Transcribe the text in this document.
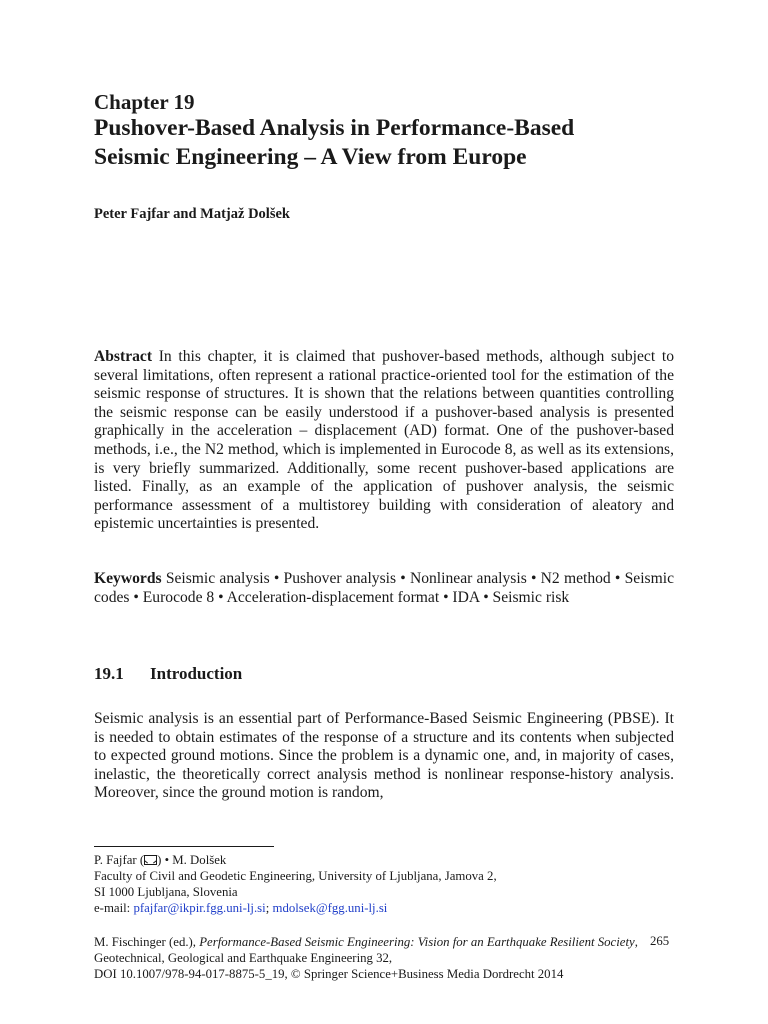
Chapter 19
Pushover-Based Analysis in Performance-Based
Seismic Engineering – A View from Europe
Peter Fajfar and Matjaž Dolšek
Abstract In this chapter, it is claimed that pushover-based methods, although subject to several limitations, often represent a rational practice-oriented tool for the estimation of the seismic response of structures. It is shown that the relations between quantities controlling the seismic response can be easily understood if a pushover-based analysis is presented graphically in the acceleration – displacement (AD) format. One of the pushover-based methods, i.e., the N2 method, which is implemented in Eurocode 8, as well as its extensions, is very briefly summarized. Additionally, some recent pushover-based applications are listed. Finally, as an example of the application of pushover analysis, the seismic performance assessment of a multistorey building with consideration of aleatory and epistemic uncertainties is presented.
Keywords Seismic analysis • Pushover analysis • Nonlinear analysis • N2 method • Seismic codes • Eurocode 8 • Acceleration-displacement format • IDA • Seismic risk
19.1 Introduction
Seismic analysis is an essential part of Performance-Based Seismic Engineering (PBSE). It is needed to obtain estimates of the response of a structure and its contents when subjected to expected ground motions. Since the problem is a dynamic one, and, in majority of cases, inelastic, the theoretically correct analysis method is nonlinear response-history analysis. Moreover, since the ground motion is random,
P. Fajfar ( ) • M. Dolšek
Faculty of Civil and Geodetic Engineering, University of Ljubljana, Jamova 2,
SI 1000 Ljubljana, Slovenia
e-mail: pfajfar@ikpir.fgg.uni-lj.si; mdolsek@fgg.uni-lj.si
M. Fischinger (ed.), Performance-Based Seismic Engineering: Vision for an Earthquake Resilient Society, Geotechnical, Geological and Earthquake Engineering 32,
DOI 10.1007/978-94-017-8875-5_19, © Springer Science+Business Media Dordrecht 2014
265
